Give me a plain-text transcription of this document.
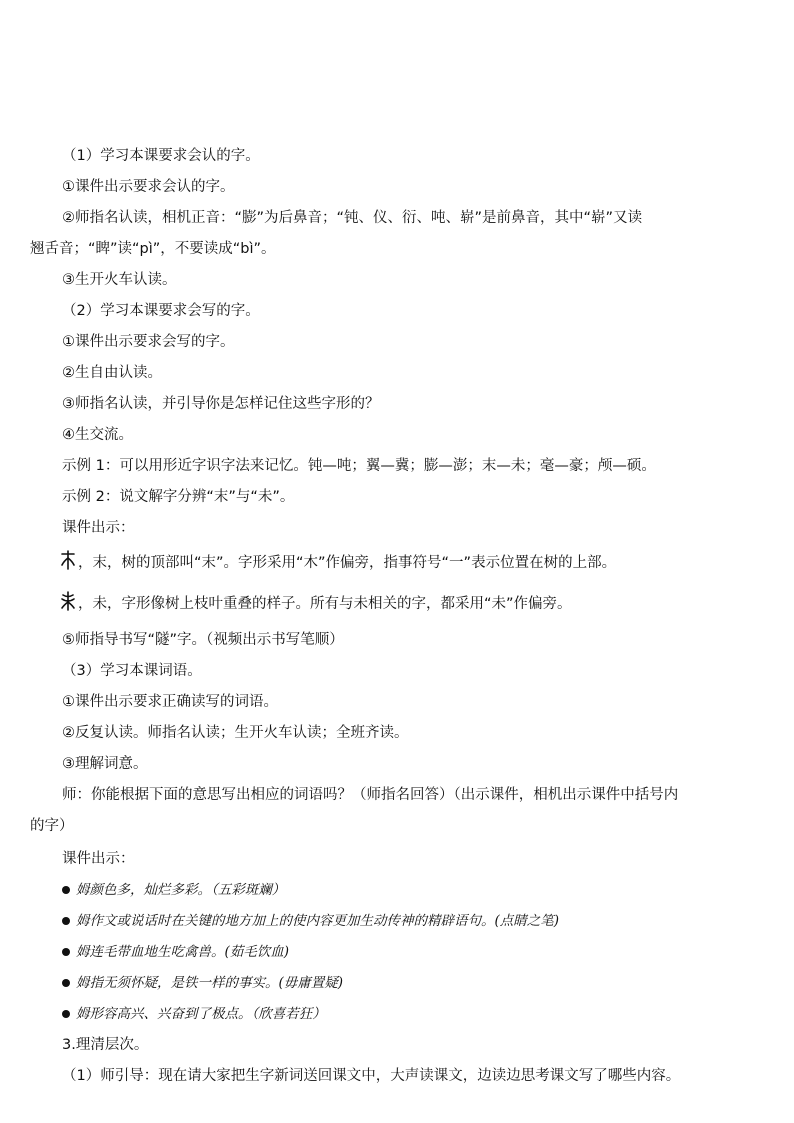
（1）学习本课要求会认的字。
①课件出示要求会认的字。
②师指名认读，相机正音：“膨”为后鼻音；“钝、仪、衍、吨、崭”是前鼻音，其中“崭”又读
翘舌音；“睥”读“pì”，不要读成“bì”。
③生开火车认读。
（2）学习本课要求会写的字。
①课件出示要求会写的字。
②生自由认读。
③师指名认读，并引导你是怎样记住这些字形的？
④生交流。
示例 1：可以用形近字识字法来记忆。钝—吨；翼—冀；膨—澎；末—未；毫—豪；颅—硕。
示例 2：说文解字分辨“末”与“未”。
课件出示：
，末，树的顶部叫“末”。字形采用“木”作偏旁，指事符号“一”表示位置在树的上部。
，未，字形像树上枝叶重叠的样子。所有与未相关的字，都采用“未”作偏旁。
⑤师指导书写“隧”字。（视频出示书写笔顺）
（3）学习本课词语。
①课件出示要求正确读写的词语。
②反复认读。师指名认读；生开火车认读；全班齐读。
③理解词意。
师：你能根据下面的意思写出相应的词语吗？（师指名回答）（出示课件，相机出示课件中括号内
的字）
课件出示：
姆颜色多，灿烂多彩。（五彩斑斓）
姆作文或说话时在关键的地方加上的使内容更加生动传神的精辟语句。(点睛之笔)
姆连毛带血地生吃禽兽。(茹毛饮血)
姆指无须怀疑，是铁一样的事实。(毋庸置疑)
姆形容高兴、兴奋到了极点。（欣喜若狂）
3.理清层次。
（1）师引导：现在请大家把生字新词送回课文中，大声读课文，边读边思考课文写了哪些内容。
